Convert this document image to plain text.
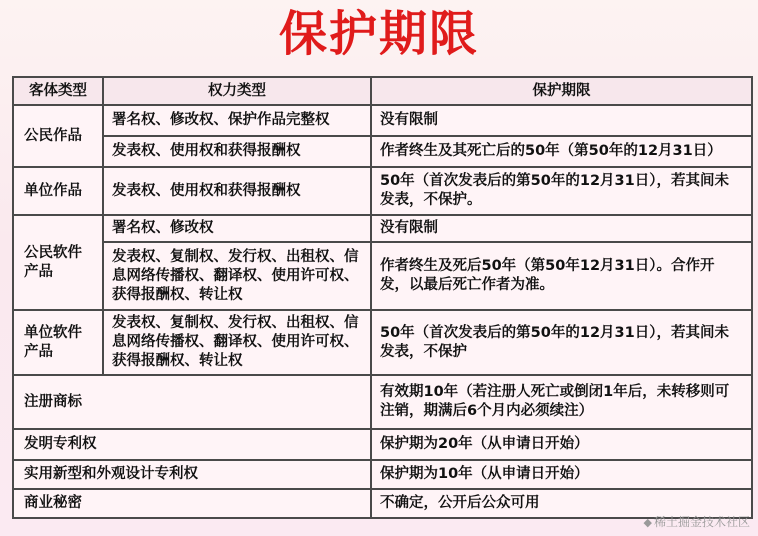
保护期限
客体类型	权力类型	保护期限
公民作品	署名权、修改权、保护作品完整权	没有限制
	发表权、使用权和获得报酬权	作者终生及其死亡后的50年（第50年的12月31日）
单位作品	发表权、使用权和获得报酬权	50年（首次发表后的第50年的12月31日），若其间未发表，不保护。
公民软件产品	署名权、修改权	没有限制
	发表权、复制权、发行权、出租权、信息网络传播权、翻译权、使用许可权、获得报酬权、转让权	作者终生及死后50年（第50年12月31日）。合作开发，以最后死亡作者为准。
单位软件产品	发表权、复制权、发行权、出租权、信息网络传播权、翻译权、使用许可权、获得报酬权、转让权	50年（首次发表后的第50年的12月31日），若其间未发表，不保护
注册商标		有效期10年（若注册人死亡或倒闭1年后，未转移则可注销，期满后6个月内必须续注）
发明专利权		保护期为20年（从申请日开始）
实用新型和外观设计专利权		保护期为10年（从申请日开始）
商业秘密		不确定，公开后公众可用
◆ 稀土掘金技术社区
